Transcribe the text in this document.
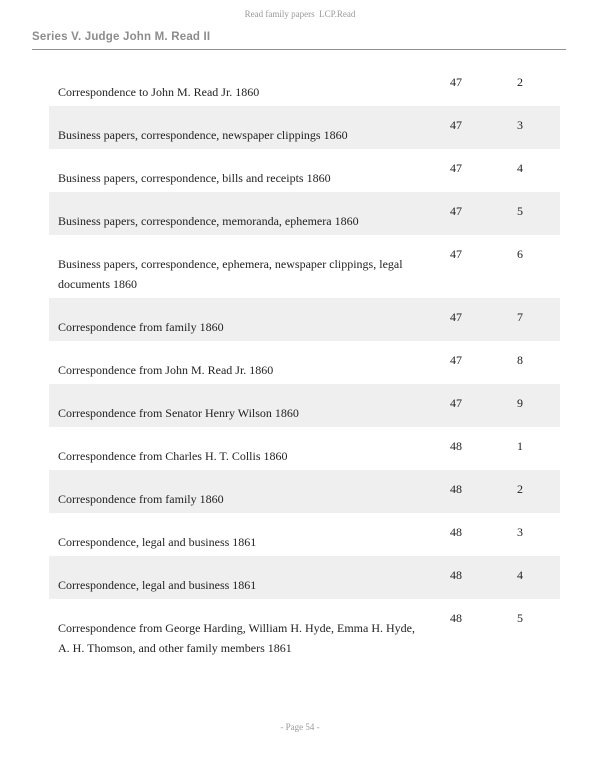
Read family papers  LCP.Read
Series V. Judge John M. Read II
Correspondence to John M. Read Jr. 1860
47	2
Business papers, correspondence, newspaper clippings 1860
47	3
Business papers, correspondence, bills and receipts 1860
47	4
Business papers, correspondence, memoranda, ephemera 1860
47	5
Business papers, correspondence, ephemera, newspaper clippings, legal documents 1860
47	6
Correspondence from family 1860
47	7
Correspondence from John M. Read Jr. 1860
47	8
Correspondence from Senator Henry Wilson 1860
47	9
Correspondence from Charles H. T. Collis 1860
48	1
Correspondence from family 1860
48	2
Correspondence, legal and business 1861
48	3
Correspondence, legal and business 1861
48	4
Correspondence from George Harding, William H. Hyde, Emma H. Hyde, A. H. Thomson, and other family members 1861
48	5
- Page 54 -
